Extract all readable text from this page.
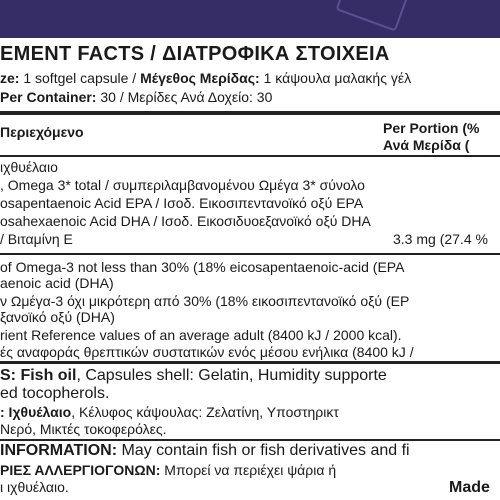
EMENT FACTS / ΔΙΑΤΡΟΦΙΚΑ ΣΤΟΙΧΕΙΑ
ze: 1 softgel capsule / Μέγεθος Μερίδας: 1 κάψουλα μαλακής γέλ
Per Container: 30 / Μερίδες Ανά Δοχείο: 30
Περιεχόμενο	Per Portion (%
Ανά Μερίδα (
ιχθυέλαιο
, Omega 3* total / συμπεριλαμβανομένου Ωμέγα 3* σύνολο
osapentaenoic Acid EPA / Ισοδ. Εικοσιπεντανοϊκό οξύ EPA
osahexaenoic Acid DHA / Ισοδ. Εικοσιδυοεξανοϊκό οξύ DHA
/ Βιταμίνη E	3.3 mg (27.4 %
of Omega-3 not less than 30% (18% eicosapentaenoic-acid (EPA
aenoic acid (DHA)
ν Ωμέγα-3 όχι μικρότερη από 30% (18% εικοσιπεντανοϊκό οξύ (EP
ξανοϊκό οξύ (DHA)
rient Reference values of an average adult (8400 kJ / 2000 kcal).
ές αναφοράς θρεπτικών συστατικών ενός μέσου ενήλικα (8400 kJ /
S: Fish oil, Capsules shell: Gelatin, Humidity supporte
ed tocopherols.
: Ιχθυέλαιο, Κέλυφος κάψουλας: Ζελατίνη, Υποστηρικτ
Νερό, Μικτές τοκοφερόλες.
INFORMATION: May contain fish or fish derivatives and fi
ΡΙΕΣ ΑΛΛΕΡΓΙΟΓΟΝΩΝ: Μπορεί να περιέχει ψάρια ή
ι ιχθυέλαιο.	Made
